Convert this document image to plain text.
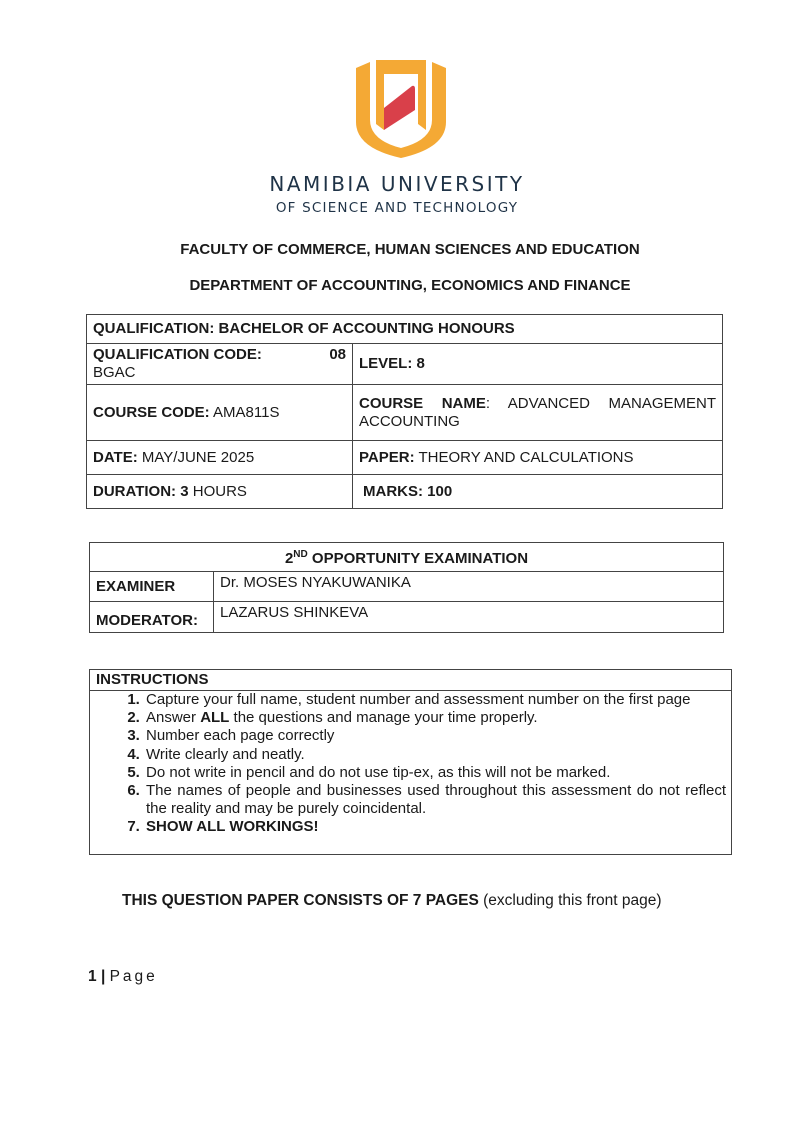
NAMIBIA UNIVERSITY
OF SCIENCE AND TECHNOLOGY
FACULTY OF COMMERCE, HUMAN SCIENCES AND EDUCATION
DEPARTMENT OF ACCOUNTING, ECONOMICS AND FINANCE
QUALIFICATION: BACHELOR OF ACCOUNTING HONOURS	

QUALIFICATION CODE: 08
BGAC	LEVEL: 8
COURSE CODE: AMA811S	COURSE NAME: ADVANCED MANAGEMENT ACCOUNTING
DATE: MAY/JUNE 2025	PAPER: THEORY AND CALCULATIONS
DURATION: 3 HOURS	MARKS: 100
2ND OPPORTUNITY EXAMINATION	
EXAMINER	Dr. MOSES NYAKUWANIKA
MODERATOR:	LAZARUS SHINKEVA
INSTRUCTIONS
1. Capture your full name, student number and assessment number on the first page
2. Answer ALL the questions and manage your time properly.
3. Number each page correctly
4. Write clearly and neatly.
5. Do not write in pencil and do not use tip-ex, as this will not be marked.
6. The names of people and businesses used throughout this assessment do not reflect the reality and may be purely coincidental.
7. SHOW ALL WORKINGS!
THIS QUESTION PAPER CONSISTS OF 7 PAGES (excluding this front page)
1 | Page
